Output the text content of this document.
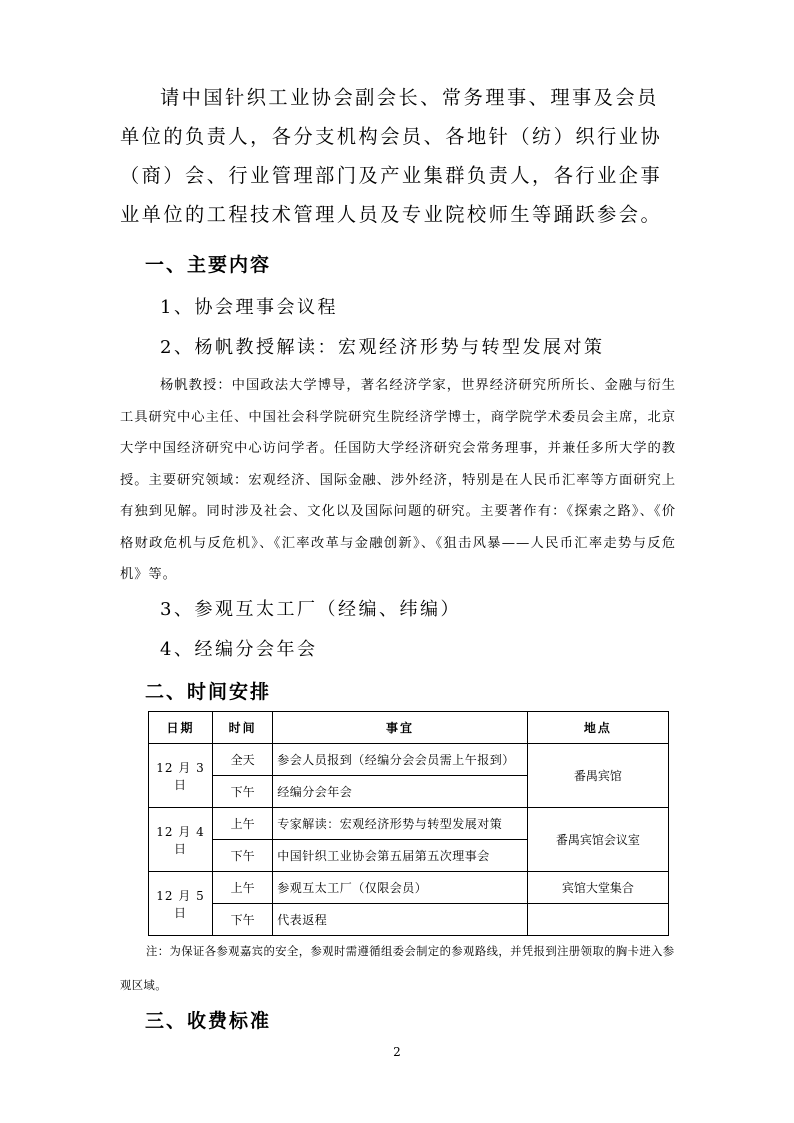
请中国针织工业协会副会长、常务理事、理事及会员单位的负责人，各分支机构会员、各地针（纺）织行业协（商）会、行业管理部门及产业集群负责人，各行业企事业单位的工程技术管理人员及专业院校师生等踊跃参会。

一、主要内容

1、协会理事会议程

2、杨帆教授解读：宏观经济形势与转型发展对策

杨帆教授：中国政法大学博导，著名经济学家，世界经济研究所所长、金融与衍生工具研究中心主任、中国社会科学院研究生院经济学博士，商学院学术委员会主席，北京大学中国经济研究中心访问学者。任国防大学经济研究会常务理事，并兼任多所大学的教授。主要研究领域：宏观经济、国际金融、涉外经济，特别是在人民币汇率等方面研究上有独到见解。同时涉及社会、文化以及国际问题的研究。主要著作有：《探索之路》、《价格财政危机与反危机》、《汇率改革与金融创新》、《狙击风暴——人民币汇率走势与反危机》等。

3、参观互太工厂（经编、纬编）

4、经编分会年会

二、时间安排
日期	时间	事宜	地点
12 月 3 日	全天	参会人员报到（经编分会会员需上午报到）	番禺宾馆
	下午	经编分会年会	
12 月 4 日	上午	专家解读：宏观经济形势与转型发展对策	番禺宾馆会议室
	下午	中国针织工业协会第五届第五次理事会	
12 月 5 日	上午	参观互太工厂（仅限会员）	宾馆大堂集合
	下午	代表返程	

注：为保证各参观嘉宾的安全，参观时需遵循组委会制定的参观路线，并凭报到注册领取的胸卡进入参观区域。

三、收费标准

2
